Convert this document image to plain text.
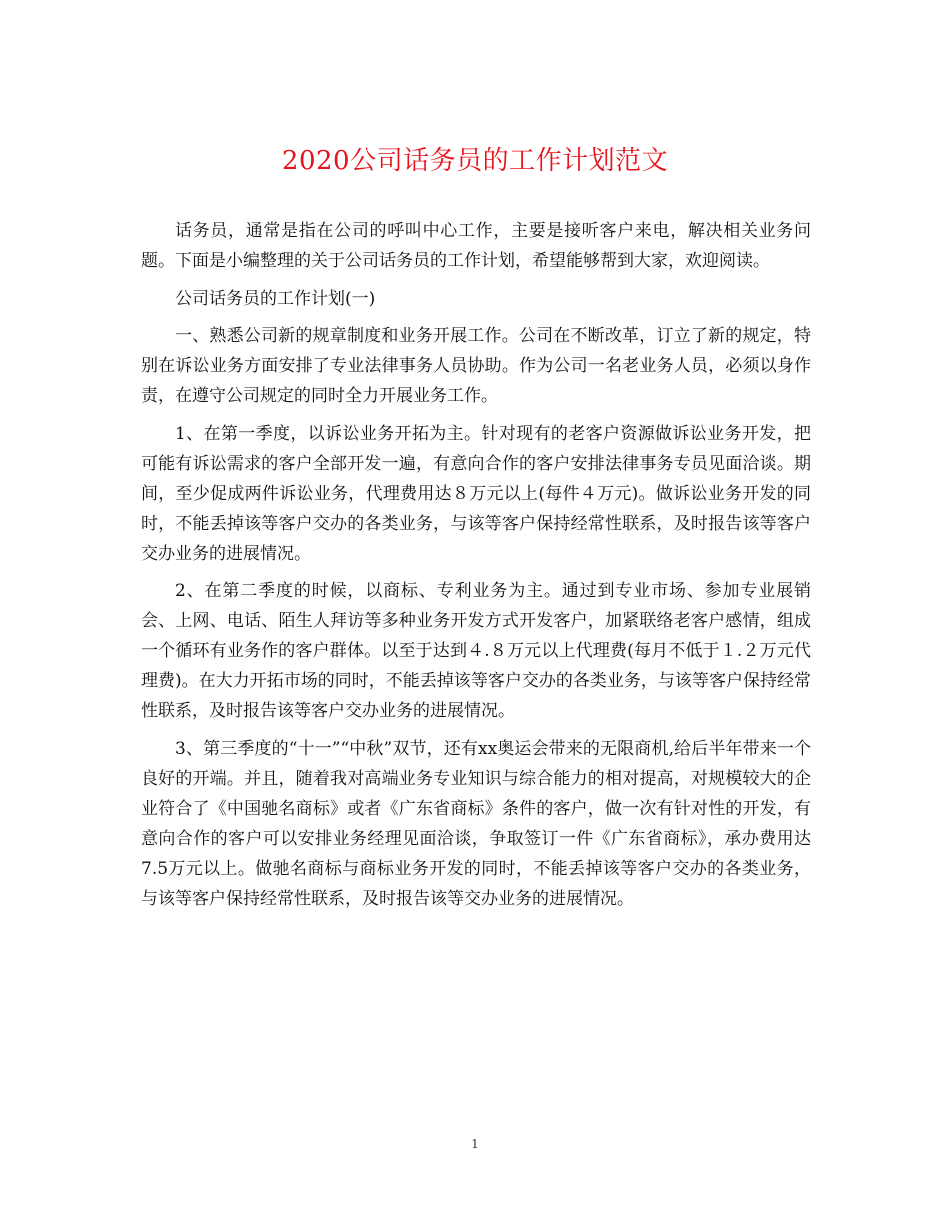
2020公司话务员的工作计划范文

话务员，通常是指在公司的呼叫中心工作，主要是接听客户来电，解决相关业务问题。下面是小编整理的关于公司话务员的工作计划，希望能够帮到大家，欢迎阅读。

公司话务员的工作计划(一)

一、熟悉公司新的规章制度和业务开展工作。公司在不断改革，订立了新的规定，特别在诉讼业务方面安排了专业法律事务人员协助。作为公司一名老业务人员，必须以身作责，在遵守公司规定的同时全力开展业务工作。

1、在第一季度，以诉讼业务开拓为主。针对现有的老客户资源做诉讼业务开发，把可能有诉讼需求的客户全部开发一遍，有意向合作的客户安排法律事务专员见面洽谈。期间，至少促成两件诉讼业务，代理费用达８万元以上(每件４万元)。做诉讼业务开发的同时，不能丢掉该等客户交办的各类业务，与该等客户保持经常性联系，及时报告该等客户交办业务的进展情况。

2、在第二季度的时候，以商标、专利业务为主。通过到专业市场、参加专业展销会、上网、电话、陌生人拜访等多种业务开发方式开发客户，加紧联络老客户感情，组成一个循环有业务作的客户群体。以至于达到４.８万元以上代理费(每月不低于１.２万元代理费)。在大力开拓市场的同时，不能丢掉该等客户交办的各类业务，与该等客户保持经常性联系，及时报告该等客户交办业务的进展情况。

3、第三季度的“十一”“中秋”双节，还有xx奥运会带来的无限商机,给后半年带来一个良好的开端。并且，随着我对高端业务专业知识与综合能力的相对提高，对规模较大的企业符合了《中国驰名商标》或者《广东省商标》条件的客户，做一次有针对性的开发，有意向合作的客户可以安排业务经理见面洽谈，争取签订一件《广东省商标》，承办费用达7.5万元以上。做驰名商标与商标业务开发的同时，不能丢掉该等客户交办的各类业务，与该等客户保持经常性联系，及时报告该等交办业务的进展情况。

1
